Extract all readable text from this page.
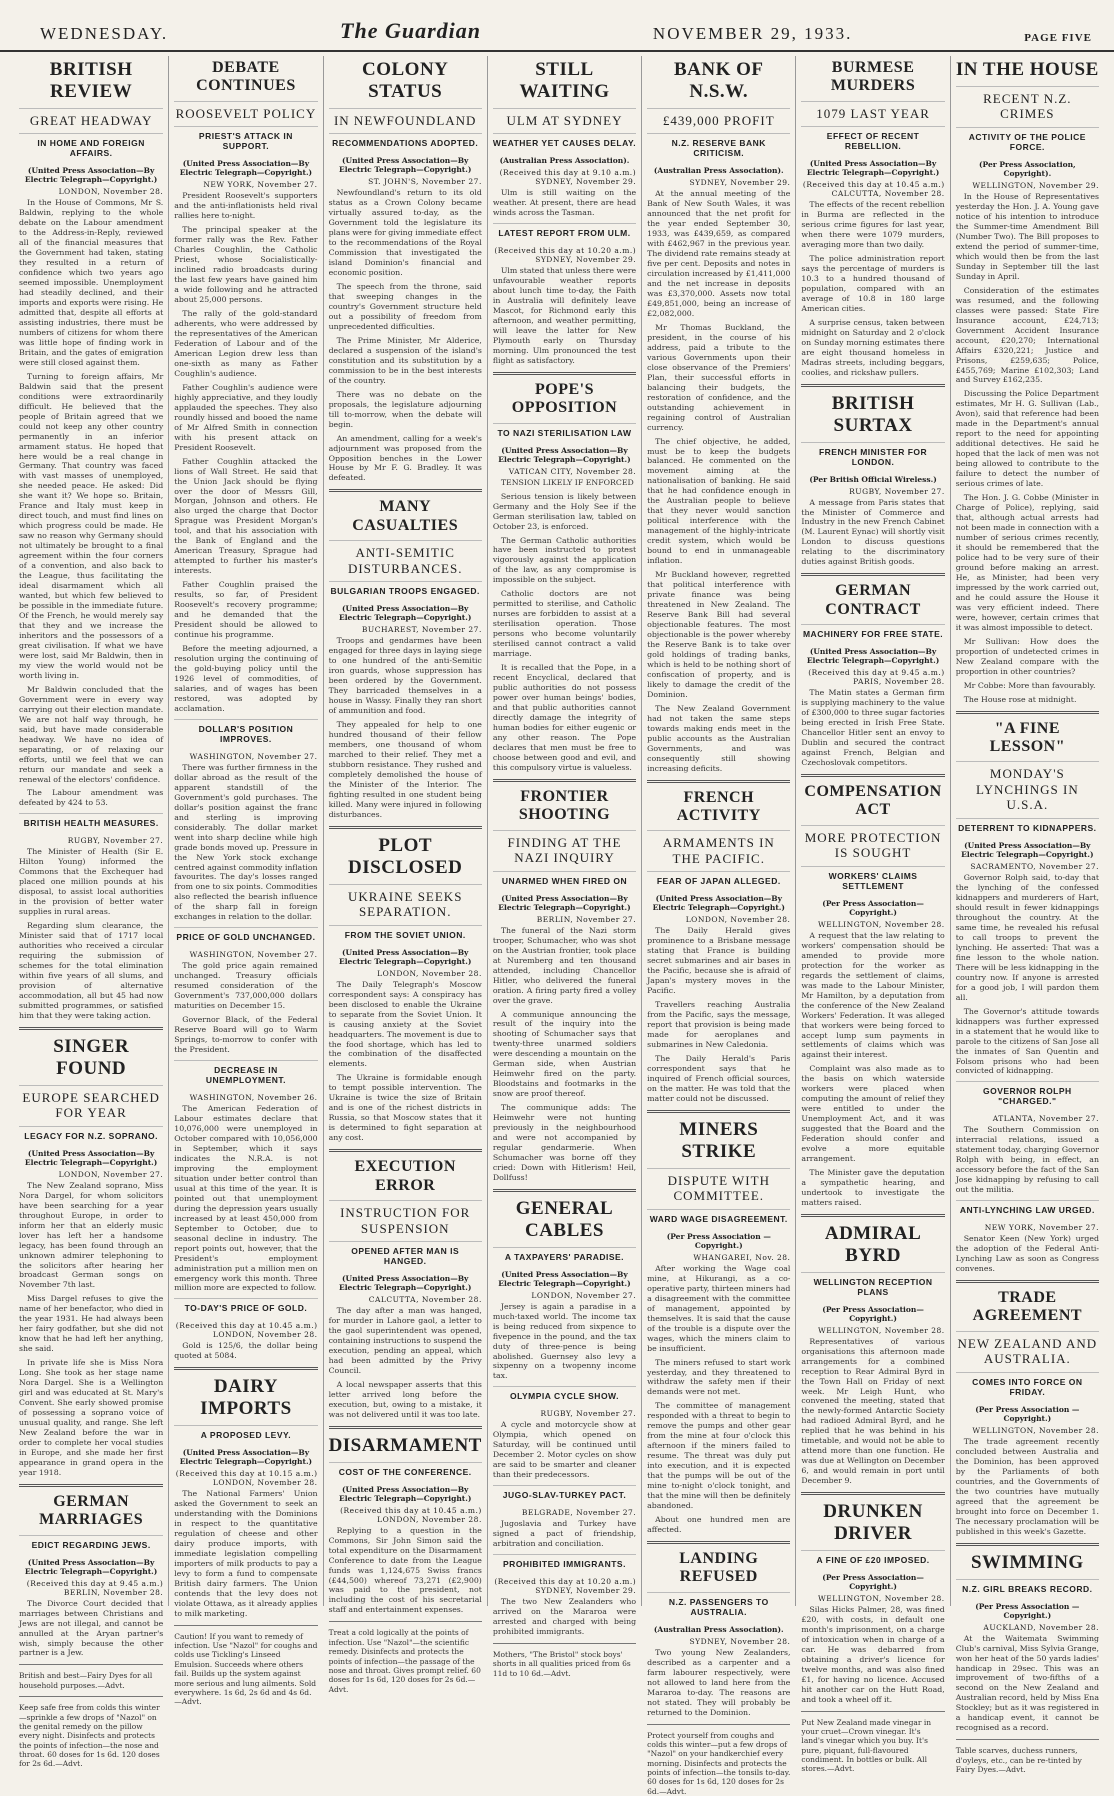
WEDNESDAY.	The Guardian	NOVEMBER 29, 1933.	PAGE FIVE
BRITISH REVIEW
GREAT HEADWAY
IN HOME AND FOREIGN AFFAIRS.
(United Press Association—By Electric Telegraph—Copyright.)
LONDON, November 28.

In the House of Commons, Mr S. Baldwin, replying to the whole debate on the Labour amendment to the Address-in-Reply, reviewed all of the financial measures that the Government had taken, stating they resulted in a return of confidence which two years ago seemed impossible. Unemployment had steadily declined, and their imports and exports were rising. He admitted that, despite all efforts at assisting industries, there must be numbers of citizens for whom there was little hope of finding work in Britain, and the gates of emigration were still closed against them.

Turning to foreign affairs, Mr Baldwin said that the present conditions were extraordinarily difficult. He believed that the people of Britain agreed that we could not keep any other country permanently in an inferior armament status. He hoped that here would be a real change in Germany. That country was faced with vast masses of unemployed, she needed peace. He asked: Did she want it? We hope so. Britain, France and Italy must keep in direct touch, and must find lines on which progress could be made. He saw no reason why Germany should not ultimately be brought to a final agreement within the four corners of a convention, and also back to the League, thus facilitating the ideal disarmament which all wanted, but which few believed to be possible in the immediate future. Of the French, he would merely say that they and we increase the inheritors and the possessors of a great civilisation. If what we have were lost, said Mr Baldwin, then in my view the world would not be worth living in.

Mr Baldwin concluded that the Government were in every way carrying out their election mandate. We are not half way through, he said, but have made considerable headway. We have no idea of separating, or of relaxing our efforts, until we feel that we can return our mandate and seek a renewal of the electors' confidence.

The Labour amendment was defeated by 424 to 53.

BRITISH HEALTH MEASURES.
RUGBY, November 27.

The Minister of Health (Sir E. Hilton Young) informed the Commons that the Exchequer had placed one million pounds at his disposal, to assist local authorities in the provision of better water supplies in rural areas.

Regarding slum clearance, the Minister said that of 1717 local authorities who received a circular requiring the submission of schemes for the total elimination within five years of all slums, and provision of alternative accommodation, all but 45 had now submitted programmes, or satisfied him that they were taking action.

SINGER FOUND
EUROPE SEARCHED FOR YEAR
LEGACY FOR N.Z. SOPRANO.
(United Press Association—By Electric Telegraph—Copyright.)
LONDON, November 27.

The New Zealand soprano, Miss Nora Dargel, for whom solicitors have been searching for a year throughout Europe, in order to inform her that an elderly music lover has left her a handsome legacy, has been found through an unknown admirer telephoning to the solicitors after hearing her broadcast German songs on November 7th last.

Miss Dargel refuses to give the name of her benefactor, who died in the year 1931. He had always been her fairy godfather, but she did not know that he had left her anything, she said.

In private life she is Miss Nora Long. She took as her stage name Nora Dargel. She is a Wellington girl and was educated at St. Mary's Convent. She early showed promise of possessing a soprano voice of unusual quality, and range. She left New Zealand before the war in order to complete her vocal studies in Europe, and she made her first appearance in grand opera in the year 1918.

GERMAN MARRIAGES
EDICT REGARDING JEWS.
(United Press Association—By Electric Telegraph—Copyright.)
(Received this day at 9.45 a.m.) BERLIN, November 28.

The Divorce Court decided that marriages between Christians and Jews are not illegal, and cannot be annulled at the Aryan partner's wish, simply because the other partner is a Jew.

British and best—Fairy Dyes for all household purposes.—Advt.
Keep safe free from colds this winter—sprinkle a few drops of "Nazol" on the genital remedy on the pillow every night. Disinfects and protects the points of infection—the nose and throat. 60 doses for 1s 6d. 120 doses for 2s 6d.—Advt.
DEBATE CONTINUES
ROOSEVELT POLICY
PRIEST'S ATTACK IN SUPPORT.
(United Press Association—By Electric Telegraph—Copyright.)
NEW YORK, November 27.

President Roosevelt's supporters and the anti-inflationists held rival rallies here to-night.

The principal speaker at the former rally was the Rev. Father Charles Coughlin, the Catholic Priest, whose Socialistically-inclined radio broadcasts during the last few years have gained him a wide following and he attracted about 25,000 persons.

The rally of the gold-standard adherents, who were addressed by the representatives of the American Federation of Labour and of the American Legion drew less than one-sixth as many as Father Coughlin's audience.

Father Coughlin's audience were highly appreciative, and they loudly applauded the speeches. They also roundly hissed and booed the name of Mr Alfred Smith in connection with his present attack on President Roosevelt.

Father Coughlin attacked the lions of Wall Street. He said that the Union Jack should be flying over the door of Messrs Gill, Morgan, Johnson and others. He also urged the charge that Doctor Sprague was President Morgan's tool, and that his association with the Bank of England and the American Treasury, Sprague had attempted to further his master's interests.

Father Coughlin praised the results, so far, of President Roosevelt's recovery programme; and he demanded that the President should be allowed to continue his programme.

Before the meeting adjourned, a resolution urging the continuing of the gold-buying policy until the 1926 level of commodities, of salaries, and of wages has been restored, was adopted by acclamation.

DOLLAR'S POSITION IMPROVES.
WASHINGTON, November 27.

There was further firmness in the dollar abroad as the result of the apparent standstill of the Government's gold purchases. The dollar's position against the franc and sterling is improving considerably. The dollar market went into sharp decline while high grade bonds moved up. Pressure in the New York stock exchange centred against commodity inflation favourites. The day's losses ranged from one to six points. Commodities also reflected the bearish influence of the sharp fall in foreign exchanges in relation to the dollar.

PRICE OF GOLD UNCHANGED.
WASHINGTON, November 27.

The gold price again remained unchanged. Treasury officials resumed consideration of the Government's 737,000,000 dollars maturities on December 15.

Governor Black, of the Federal Reserve Board will go to Warm Springs, to-morrow to confer with the President.

DECREASE IN UNEMPLOYMENT.
WASHINGTON, November 26.

The American Federation of Labour estimates declare that 10,076,000 were unemployed in October compared with 10,056,000 in September, which it says indicates the N.R.A. is not improving the employment situation under better control than usual at this time of the year. It is pointed out that unemployment during the depression years usually increased by at least 450,000 from September to October, due to seasonal decline in industry. The report points out, however, that the President's employment administration put a million men on emergency work this month. Three million more are expected to follow.

TO-DAY'S PRICE OF GOLD.
(Received this day at 10.45 a.m.) LONDON, November 28.

Gold is 125/6, the dollar being quoted at 5084.

DAIRY IMPORTS
A PROPOSED LEVY.
(United Press Association—By Electric Telegraph—Copyright.)
(Received this day at 10.15 a.m.) LONDON, November 28.

The National Farmers' Union asked the Government to seek an understanding with the Dominions in respect to the quantitative regulation of cheese and other dairy produce imports, with immediate legislation compelling importers of milk products to pay a levy to form a fund to compensate British dairy farmers. The Union contends that the levy does not violate Ottawa, as it already applies to milk marketing.

Caution! If you want to remedy of infection. Use "Nazol" for coughs and colds use Tickling's Linseed Emulsion. Succeeds where others fail. Builds up the system against more serious and lung ailments. Sold everywhere. 1s 6d, 2s 6d and 4s 6d.—Advt.
COLONY STATUS
IN NEWFOUNDLAND
RECOMMENDATIONS ADOPTED.
(United Press Association—By Electric Telegraph—Copyright.)
ST. JOHN'S, November 27.

Newfoundland's return to its old status as a Crown Colony became virtually assured to-day, as the Government told the legislature its plans were for giving immediate effect to the recommendations of the Royal Commission that investigated the island Dominion's financial and economic position.

The speech from the throne, said that sweeping changes in the country's Government structure held out a possibility of freedom from unprecedented difficulties.

The Prime Minister, Mr Alderice, declared a suspension of the island's constitution and its substitution by a commission to be in the best interests of the country.

There was no debate on the proposals, the legislature adjourning till to-morrow, when the debate will begin.

An amendment, calling for a week's adjournment was proposed from the Opposition benches in the Lower House by Mr F. G. Bradley. It was defeated.

MANY CASUALTIES
ANTI-SEMITIC DISTURBANCES.
BULGARIAN TROOPS ENGAGED.
(United Press Association—By Electric Telegraph—Copyright.)
BUCHAREST, November 27.

Troops and gendarmes have been engaged for three days in laying siege to one hundred of the anti-Semitic iron guards, whose suppression has been ordered by the Government. They barricaded themselves in a house in Wassy. Finally they ran short of ammunition and food.

They appealed for help to one hundred thousand of their fellow members, one thousand of whom marched to their relief. They met a stubborn resistance. They rushed and completely demolished the house of the Minister of the Interior. The fighting resulted in one student being killed. Many were injured in following disturbances.

PLOT DISCLOSED
UKRAINE SEEKS SEPARATION.
FROM THE SOVIET UNION.
(United Press Association—By Electric Telegraph—Copyright.)
LONDON, November 28.

The Daily Telegraph's Moscow correspondent says: A conspiracy has been disclosed to enable the Ukraine to separate from the Soviet Union. It is causing anxiety at the Soviet headquarters. The movement is due to the food shortage, which has led to the combination of the disaffected elements.

The Ukraine is formidable enough to tempt possible intervention. The Ukraine is twice the size of Britain and is one of the richest districts in Russia, so that Moscow states that it is determined to fight separation at any cost.

EXECUTION ERROR
INSTRUCTION FOR SUSPENSION
OPENED AFTER MAN IS HANGED.
(United Press Association—By Electric Telegraph—Copyright.)
CALCUTTA, November 28.

The day after a man was hanged, for murder in Lahore gaol, a letter to the gaol superintendent was opened, containing instructions to suspend the execution, pending an appeal, which had been admitted by the Privy Council.

A local newspaper asserts that this letter arrived long before the execution, but, owing to a mistake, it was not delivered until it was too late.

DISARMAMENT
COST OF THE CONFERENCE.
(United Press Association—By Electric Telegraph—Copyright.)
(Received this day at 10.45 a.m.) LONDON, November 28.

Replying to a question in the Commons, Sir John Simon said the total expenditure on the Disarmament Conference to date from the League funds was 1,124,675 Swiss francs (£44,500) whereof 73,271 (£2,900) was paid to the president, not including the cost of his secretarial staff and entertainment expenses.

Treat a cold logically at the points of infection. Use "Nazol"—the scientific remedy. Disinfects and protects the points of infection—the passage of the nose and throat. Gives prompt relief. 60 doses for 1s 6d, 120 doses for 2s 6d.—Advt.
STILL WAITING
ULM AT SYDNEY
WEATHER YET CAUSES DELAY.
(Australian Press Association).
(Received this day at 9.10 a.m.) SYDNEY, November 29.

Ulm is still waiting on the weather. At present, there are head winds across the Tasman.

LATEST REPORT FROM ULM.
(Received this day at 10.20 a.m.) SYDNEY, November 29.

Ulm stated that unless there were unfavourable weather reports about lunch time to-day, the Faith in Australia will definitely leave Mascot, for Richmond early this afternoon, and weather permitting, will leave the latter for New Plymouth early on Thursday morning. Ulm pronounced the test flight as satisfactory.

POPE'S OPPOSITION
TO NAZI STERILISATION LAW
(United Press Association—By Electric Telegraph—Copyright.)
VATICAN CITY, November 28.

TENSION LIKELY IF ENFORCED

Serious tension is likely between Germany and the Holy See if the German sterilisation law, tabled on October 23, is enforced.

The German Catholic authorities have been instructed to protest vigorously against the application of the law, as any compromise is impossible on the subject.

Catholic doctors are not permitted to sterilise, and Catholic nurses are forbidden to assist at a sterilisation operation. Those persons who become voluntarily sterilised cannot contract a valid marriage.

It is recalled that the Pope, in a recent Encyclical, declared that public authorities do not possess power over human beings' bodies, and that public authorities cannot directly damage the integrity of human bodies for either eugenic or any other reason. The Pope declares that men must be free to choose between good and evil, and this compulsory virtue is valueless.

FRONTIER SHOOTING
FINDING AT THE NAZI INQUIRY
UNARMED WHEN FIRED ON
(United Press Association—By Electric Telegraph—Copyright.)
BERLIN, November 27.

The funeral of the Nazi storm trooper, Schumacher, who was shot on the Austrian frontier, took place at Nuremberg and ten thousand attended, including Chancellor Hitler, who delivered the funeral oration. A firing party fired a volley over the grave.

A communique announcing the result of the inquiry into the shooting of Schumacher says that twenty-three unarmed soldiers were descending a mountain on the German side, when Austrian Heimwehr fired on the party. Bloodstains and footmarks in the snow are proof thereof.

The communique adds: The Heimwehr were not hunting previously in the neighbourhood and were not accompanied by regular gendarmerie. When Schumacher was borne off they cried: Down with Hitlerism! Heil, Dollfuss!

GENERAL CABLES
A TAXPAYERS' PARADISE.
(United Press Association—By Electric Telegraph—Copyright.)
LONDON, November 27.

Jersey is again a paradise in a much-taxed world. The income tax is being reduced from sixpence to fivepence in the pound, and the tax duty of three-pence is being abolished. Guernsey also levy a sixpenny on a twopenny income tax.

OLYMPIA CYCLE SHOW.
RUGBY, November 27.

A cycle and motorcycle show at Olympia, which opened on Saturday, will be continued until December 2. Motor cycles on show are said to be smarter and cleaner than their predecessors.

JUGO-SLAV-TURKEY PACT.
BELGRADE, November 27.

Jugoslavia and Turkey have signed a pact of friendship, arbitration and conciliation.

PROHIBITED IMMIGRANTS.
(Received this day at 10.20 a.m.) SYDNEY, November 29.

The two New Zealanders who arrived on the Mararoa were arrested and charged with being prohibited immigrants.

Mothers, "The Bristol" stock boys' shorts in all qualities priced from 6s 11d to 10 6d.—Advt.
BANK OF N.S.W.
£439,000 PROFIT
N.Z. RESERVE BANK CRITICISM.
(Australian Press Association).
SYDNEY, November 29.

At the annual meeting of the Bank of New South Wales, it was announced that the net profit for the year ended September 30, 1933, was £439,659, as compared with £462,967 in the previous year. The dividend rate remains steady at five per cent. Deposits and notes in circulation increased by £1,411,000 and the net increase in deposits was £3,370,000. Assets now total £49,851,000, being an increase of £2,082,000.

Mr Thomas Buckland, the president, in the course of his address, paid a tribute to the various Governments upon their close observance of the Premiers' Plan, their successful efforts in balancing their budgets, the restoration of confidence, and the outstanding achievement in regaining control of Australian currency.

The chief objective, he added, must be to keep the budgets balanced. He commented on the movement aiming at the nationalisation of banking. He said that he had confidence enough in the Australian people to believe that they never would sanction political interference with the management of the highly-intricate credit system, which would be bound to end in unmanageable inflation.

Mr Buckland however, regretted that political interference with private finance was being threatened in New Zealand. The Reserve Bank Bill had several objectionable features. The most objectionable is the power whereby the Reserve Bank is to take over gold holdings of trading banks, which is held to be nothing short of confiscation of property, and is likely to damage the credit of the Dominion.

The New Zealand Government had not taken the same steps towards making ends meet in the public accounts as the Australian Governments, and was consequently still showing increasing deficits.

FRENCH ACTIVITY
ARMAMENTS IN THE PACIFIC.
FEAR OF JAPAN ALLEGED.
(United Press Association—By Electric Telegraph—Copyright.)
LONDON, November 28.

The Daily Herald gives prominence to a Brisbane message stating that France is building secret submarines and air bases in the Pacific, because she is afraid of Japan's mystery moves in the Pacific.

Travellers reaching Australia from the Pacific, says the message, report that provision is being made made for aeroplanes and submarines in New Caledonia.

The Daily Herald's Paris correspondent says that he inquired of French official sources, on the matter. He was told that the matter could not be discussed.

MINERS STRIKE
DISPUTE WITH COMMITTEE.
WARD WAGE DISAGREEMENT.
(Per Press Association — Copyright.)
WHANGAREI, Nov. 28.

After working the Wage coal mine, at Hikurangi, as a co-operative party, thirteen miners had a disagreement with the committee of management, appointed by themselves. It is said that the cause of the trouble is a dispute over the wages, which the miners claim to be insufficient.

The miners refused to start work yesterday, and they threatened to withdraw the safety men if their demands were not met.

The committee of management responded with a threat to begin to remove the pumps and other gear from the mine at four o'clock this afternoon if the miners failed to resume. The threat was duly put into execution, and it is expected that the pumps will be out of the mine to-night o'clock tonight, and that the mine will then be definitely abandoned.

About one hundred men are affected.

LANDING REFUSED
N.Z. PASSENGERS TO AUSTRALIA.
(Australian Press Association).
SYDNEY, November 28.

Two young New Zealanders, described as a carpenter and a farm labourer respectively, were not allowed to land here from the Mararoa to-day. The reasons are not stated. They will probably be returned to the Dominion.

Protect yourself from coughs and colds this winter—put a few drops of "Nazol" on your handkerchief every morning. Disinfects and protects the points of infection—the tonsils to-day. 60 doses for 1s 6d, 120 doses for 2s 6d.—Advt.
BURMESE MURDERS
1079 LAST YEAR
EFFECT OF RECENT REBELLION.
(United Press Association—By Electric Telegraph—Copyright.)
(Received this day at 10.45 a.m.) CALCUTTA, November 28.

The effects of the recent rebellion in Burma are reflected in the serious crime figures for last year, when there were 1079 murders, averaging more than two daily.

The police administration report says the percentage of murders is 10.3 to a hundred thousand of population, compared with an average of 10.8 in 180 large American cities.

A surprise census, taken between midnight on Saturday and 2 o'clock on Sunday morning estimates there are eight thousand homeless in Madras streets, including beggars, coolies, and rickshaw pullers.

BRITISH SURTAX
FRENCH MINISTER FOR LONDON.
(Per British Official Wireless.)
RUGBY, November 27.

A message from Paris states that the Minister of Commerce and Industry in the new French Cabinet (M. Laurent Eynac) will shortly visit London to discuss questions relating to the discriminatory duties against British goods.

GERMAN CONTRACT
MACHINERY FOR FREE STATE.
(United Press Association—By Electric Telegraph—Copyright.)
(Received this day at 9.45 a.m.) PARIS, November 28.

The Matin states a German firm is supplying machinery to the value of £300,000 to three sugar factories being erected in Irish Free State. Chancellor Hitler sent an envoy to Dublin and secured the contract against French, Belgian and Czechoslovak competitors.

COMPENSATION ACT
MORE PROTECTION IS SOUGHT
WORKERS' CLAIMS SETTLEMENT
(Per Press Association—Copyright.)
WELLINGTON, November 28.

A request that the law relating to workers' compensation should be amended to provide more protection for the worker as regards the settlement of claims, was made to the Labour Minister, Mr Hamilton, by a deputation from the conference of the New Zealand Workers' Federation. It was alleged that workers were being forced to accept lump sum payments in settlements of claims which was against their interest.

Complaint was also made as to the basis on which waterside workers were placed when computing the amount of relief they were entitled to under the Unemployment Act, and it was suggested that the Board and the Federation should confer and evolve a more equitable arrangement.

The Minister gave the deputation a sympathetic hearing, and undertook to investigate the matters raised.

ADMIRAL BYRD
WELLINGTON RECEPTION PLANS
(Per Press Association—Copyright.)
WELLINGTON, November 28.

Representatives of various organisations this afternoon made arrangements for a combined reception to Rear Admiral Byrd in the Town Hall on Friday of next week. Mr Leigh Hunt, who convened the meeting, stated that the newly-formed Antarctic Society had radioed Admiral Byrd, and he replied that he was behind in his timetable, and would not be able to attend more than one function. He was due at Wellington on December 6, and would remain in port until December 9.

DRUNKEN DRIVER
A FINE OF £20 IMPOSED.
(Per Press Association—Copyright.)
WELLINGTON, November 28.

Silas Hicks Palmer, 28, was fined £20, with costs, in default one month's imprisonment, on a charge of intoxication when in charge of a car. He was debarred from obtaining a driver's licence for twelve months, and was also fined £1, for having no licence. Accused hit another car on the Hutt Road, and took a wheel off it.

Put New Zealand made vinegar in your cruet—Crown vinegar. It's land's vinegar which you buy. It's pure, piquant, full-flavoured condiment. In bottles or bulk. All stores.—Advt.
IN THE HOUSE
RECENT N.Z. CRIMES
ACTIVITY OF THE POLICE FORCE.
(Per Press Association, Copyright).
WELLINGTON, November 29.

In the House of Representatives yesterday the Hon. J. A. Young gave notice of his intention to introduce the Summer-time Amendment Bill (Number Two). The Bill proposes to extend the period of summer-time, which would then be from the last Sunday in September till the last Sunday in April.

Consideration of the estimates was resumed, and the following classes were passed: State Fire Insurance account, £24,713; Government Accident Insurance account, £20,270; International Affairs £320,221; Justice and Prisons, £259,635; Police, £455,769; Marine £102,303; Land and Survey £162,235.

Discussing the Police Department estimates, Mr H. G. Sullivan (Lab., Avon), said that reference had been made in the Department's annual report to the need for appointing additional detectives. He said he hoped that the lack of men was not being allowed to contribute to the failure to detect the number of serious crimes of late.

The Hon. J. G. Cobbe (Minister in Charge of Police), replying, said that, although actual arrests had not been made in connection with a number of serious crimes recently, it should be remembered that the police had to be very sure of their ground before making an arrest. He, as Minister, had been very impressed by the work carried out, and he could assure the House it was very efficient indeed. There were, however, certain crimes that it was almost impossible to detect.

Mr Sullivan: How does the proportion of undetected crimes in New Zealand compare with the proportion in other countries?

Mr Cobbe: More than favourably.

The House rose at midnight.

"A FINE LESSON"
MONDAY'S LYNCHINGS IN U.S.A.
DETERRENT TO KIDNAPPERS.
(United Press Association—By Electric Telegraph—Copyright.)
SACRAMENTO, November 27.

Governor Rolph said, to-day that the lynching of the confessed kidnappers and murderers of Hart, should result in fewer kidnappings throughout the country. At the same time, he revealed his refusal to call troops to prevent the lynching. He asserted: That was a fine lesson to the whole nation. There will be less kidnapping in the country now. If anyone is arrested for a good job, I will pardon them all.

The Governor's attitude towards kidnappers was further expressed in a statement that he would like to parole to the citizens of San Jose all the inmates of San Quentin and Folsom prisons who had been convicted of kidnapping.

GOVERNOR ROLPH "CHARGED."
ATLANTA, November 27.

The Southern Commission on interracial relations, issued a statement today, charging Governor Rolph with being, in effect, an accessory before the fact of the San Jose kidnapping by refusing to call out the militia.

ANTI-LYNCHING LAW URGED.
NEW YORK, November 27.

Senator Keen (New York) urged the adoption of the Federal Anti-Lynching Law as soon as Congress convenes.

TRADE AGREEMENT
NEW ZEALAND AND AUSTRALIA.
COMES INTO FORCE ON FRIDAY.
(Per Press Association — Copyright.)
WELLINGTON, November 28.

The trade agreement recently concluded between Australia and the Dominion, has been approved by the Parliaments of both countries, and the Governments of the two countries have mutually agreed that the agreement be brought into force on December 1. The necessary proclamation will be published in this week's Gazette.

SWIMMING
N.Z. GIRL BREAKS RECORD.
(Per Press Association — Copyright.)
AUCKLAND, November 28.

At the Waitemata Swimming Club's carnival, Miss Sylvia Grange, won her heat of the 50 yards ladies' handicap in 29sec. This was an improvement of two-fifths of a second on the New Zealand and Australian record, held by Miss Ena Stockley; but as it was registered in a handicap event, it cannot be recognised as a record.

Table scarves, duchess runners, d'oyleys, etc., can be re-tinted by Fairy Dyes.—Advt.
